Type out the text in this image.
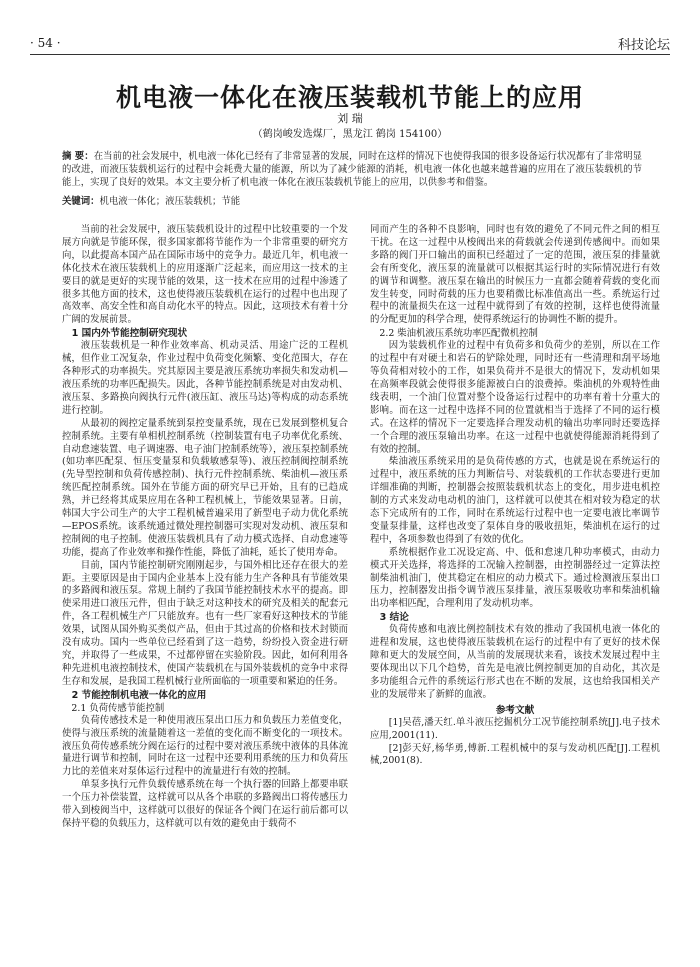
· 54 ·	科技论坛
机电液一体化在液压装载机节能上的应用
刘 瑞
（鹤岗峻发选煤厂，黑龙江 鹤岗 154100）
摘 要：在当前的社会发展中，机电液一体化已经有了非常显著的发展，同时在这样的情况下也使得我国的很多设备运行状况都有了非常明显的改进，而液压装载机运行的过程中会耗费大量的能源，所以为了减少能源的消耗，机电液一体化也越来越普遍的应用在了液压装载机的节能上，实现了良好的效果。本文主要分析了机电液一体化在液压装载机节能上的应用，以供参考和借鉴。
关键词：机电液一体化；液压装载机；节能

当前的社会发展中，液压装载机设计的过程中比较重要的一个发展方向就是节能环保，很多国家都将节能作为一个非常重要的研究方向，以此提高本国产品在国际市场中的竞争力。最近几年，机电液一体化技术在液压装载机上的应用逐渐广泛起来，而应用这一技术的主要目的就是更好的实现节能的效果，这一技术在应用的过程中渗透了很多其他方面的技术，这也使得液压装载机在运行的过程中也出现了高效率、高安全性和高自动化水平的特点。因此，这项技术有着十分广阔的发展前景。

1 国内外节能控制研究现状

液压装载机是一种作业效率高、机动灵活、用途广泛的工程机械，但作业工况复杂，作业过程中负荷变化频繁、变化范围大，存在各种形式的功率损失。究其原因主要是液压系统功率损失和发动机—液压系统的功率匹配损失。因此，各种节能控制系统是对由发动机、液压泵、多路换向阀执行元件(液压缸、液压马达)等构成的动态系统进行控制。

从最初的阀控定量系统到泵控变量系统，现在已发展到整机复合控制系统。主要有单相机控制系统（控制装置有电子功率优化系统、自动怠速装置、电子调速器、电子油门控制系统等），液压泵控制系统(如功率匹配泵、恒压变量泵和负载敏感泵等)、液压控制阀控制系统(先导型控制和负荷传感控制)、执行元件控制系统、柴油机—液压系统匹配控制系统。国外在节能方面的研究早已开始，且有的已趋成熟，并已经将其成果应用在各种工程机械上，节能效果显著。日前，韩国大宇公司生产的大宇工程机械普遍采用了新型电子动力优化系统—EPOS系统。该系统通过微处理控制器可实现对发动机、液压泵和控制阀的电子控制。使液压装载机具有了动力模式选择、自动怠速等功能，提高了作业效率和操作性能，降低了油耗，延长了使用寿命。

目前，国内节能控制研究刚刚起步，与国外相比还存在很大的差距。主要原因是由于国内企业基本上没有能力生产各种具有节能效果的多路阀和液压泵。常规上制约了我国节能控制技术水平的提高。即使采用进口液压元件，但由于缺乏对这种技术的研究及相关的配套元件，各工程机械生产厂只能放弃。也有一些厂家看好这种技术的节能效果，试图从国外购买类似产品，但由于其过高的价格和技术封锁而没有成功。国内一些单位已经看到了这一趋势，纷纷投入资金进行研究，并取得了一些成果，不过都停留在实验阶段。因此，如何利用各种先进机电液控制技术，使国产装载机在与国外装载机的竞争中求得生存和发展，是我国工程机械行业所面临的一项重要和紧迫的任务。

2 节能控制机电液一体化的应用
2.1 负荷传感节能控制

负荷传感技术是一种使用液压泵出口压力和负载压力差值变化，使得与液压系统的流量随着这一差值的变化而不断变化的一项技术。液压负荷传感系统分阀在运行的过程中要对液压系统中液体的具体流量进行调节和控制，同时在这一过程中还要利用系统的压力和负荷压力比的差值来对泵体运行过程中的流量进行有效的控制。

单泵多执行元件负载传感系统在每一个执行器的回路上都要串联一个压力补偿装置，这样就可以从各个串联的多路阀出口将传感压力带入到梭阀当中，这样就可以很好的保证各个阀门在运行前后都可以保持平稳的负载压力，这样就可以有效的避免由于载荷不

同而产生的各种不良影响，同时也有效的避免了不同元件之间的相互干扰。在这一过程中从梭阀出来的荷载就会传递到传感阀中。而如果多路的阀门开口输出的面积已经超过了一定的范围，液压泵的排量就会有所变化，液压泵的流量就可以根据其运行时的实际情况进行有效的调节和调整。液压泵在输出的时候压力一直都会随着荷载的变化而发生转变，同时荷载的压力也要稍微比标准值高出一些。系统运行过程中的流量损失在这一过程中就得到了有效的控制，这样也使得流量的分配更加的科学合理，使得系统运行的协调性不断的提升。

2.2 柴油机液压系统功率匹配微机控制

因为装载机作业的过程中有负荷多和负荷少的差别，所以在工作的过程中有对硬土和岩石的铲除处理，同时还有一些清理和刮平场地等负荷相对较小的工作，如果负荷并不是很大的情况下，发动机如果在高频率段就会使得很多能源被白白的浪费掉。柴油机的外观特性曲线表明，一个油门位置对整个设备运行过程中的功率有着十分重大的影响。而在这一过程中选择不同的位置就相当于选择了不同的运行模式。在这样的情况下一定要选择合理发动机的输出功率同时还要选择一个合理的液压泵输出功率。在这一过程中也就使得能源消耗得到了有效的控制。

柴油液压系统采用的是负荷传感的方式，也就是说在系统运行的过程中，液压系统的压力判断信号、对装载机的工作状态要进行更加详细准确的判断，控制器会按照装载机状态上的变化，用步进电机控制的方式来发动电动机的油门，这样就可以使其在相对较为稳定的状态下完成所有的工作，同时在系统运行过程中也一定要电液比率调节变量泵排量，这样也改变了泵体自身的吸收扭矩，柴油机在运行的过程中，各项参数也得到了有效的优化。

系统根据作业工况设定高、中、低和怠速几种功率模式，由动力模式开关选择，将选择的工况输入控制器，由控制器经过一定算法控制柴油机油门，使其稳定在相应的动力模式下。通过检测液压泵出口压力，控制器发出指令调节液压泵排量，液压泵吸收功率和柴油机输出功率相匹配，合理利用了发动机功率。

3 结论

负荷传感和电液比例控制技术有效的推动了我国机电液一体化的进程和发展，这也使得液压装载机在运行的过程中有了更好的技术保障和更大的发展空间，从当前的发展现状来看，该技术发展过程中主要体现出以下几个趋势，首先是电液比例控制更加的自动化，其次是多功能组合元件的系统运行形式也在不断的发展，这也给我国相关产业的发展带来了新鲜的血液。

参考文献

[1]吴蓓,潘天红.单斗液压挖掘机分工况节能控制系统[J].电子技术应用,2001(11).

[2]彭天好,杨华勇,傅新.工程机械中的泵与发动机匹配[J].工程机械,2001(8).
